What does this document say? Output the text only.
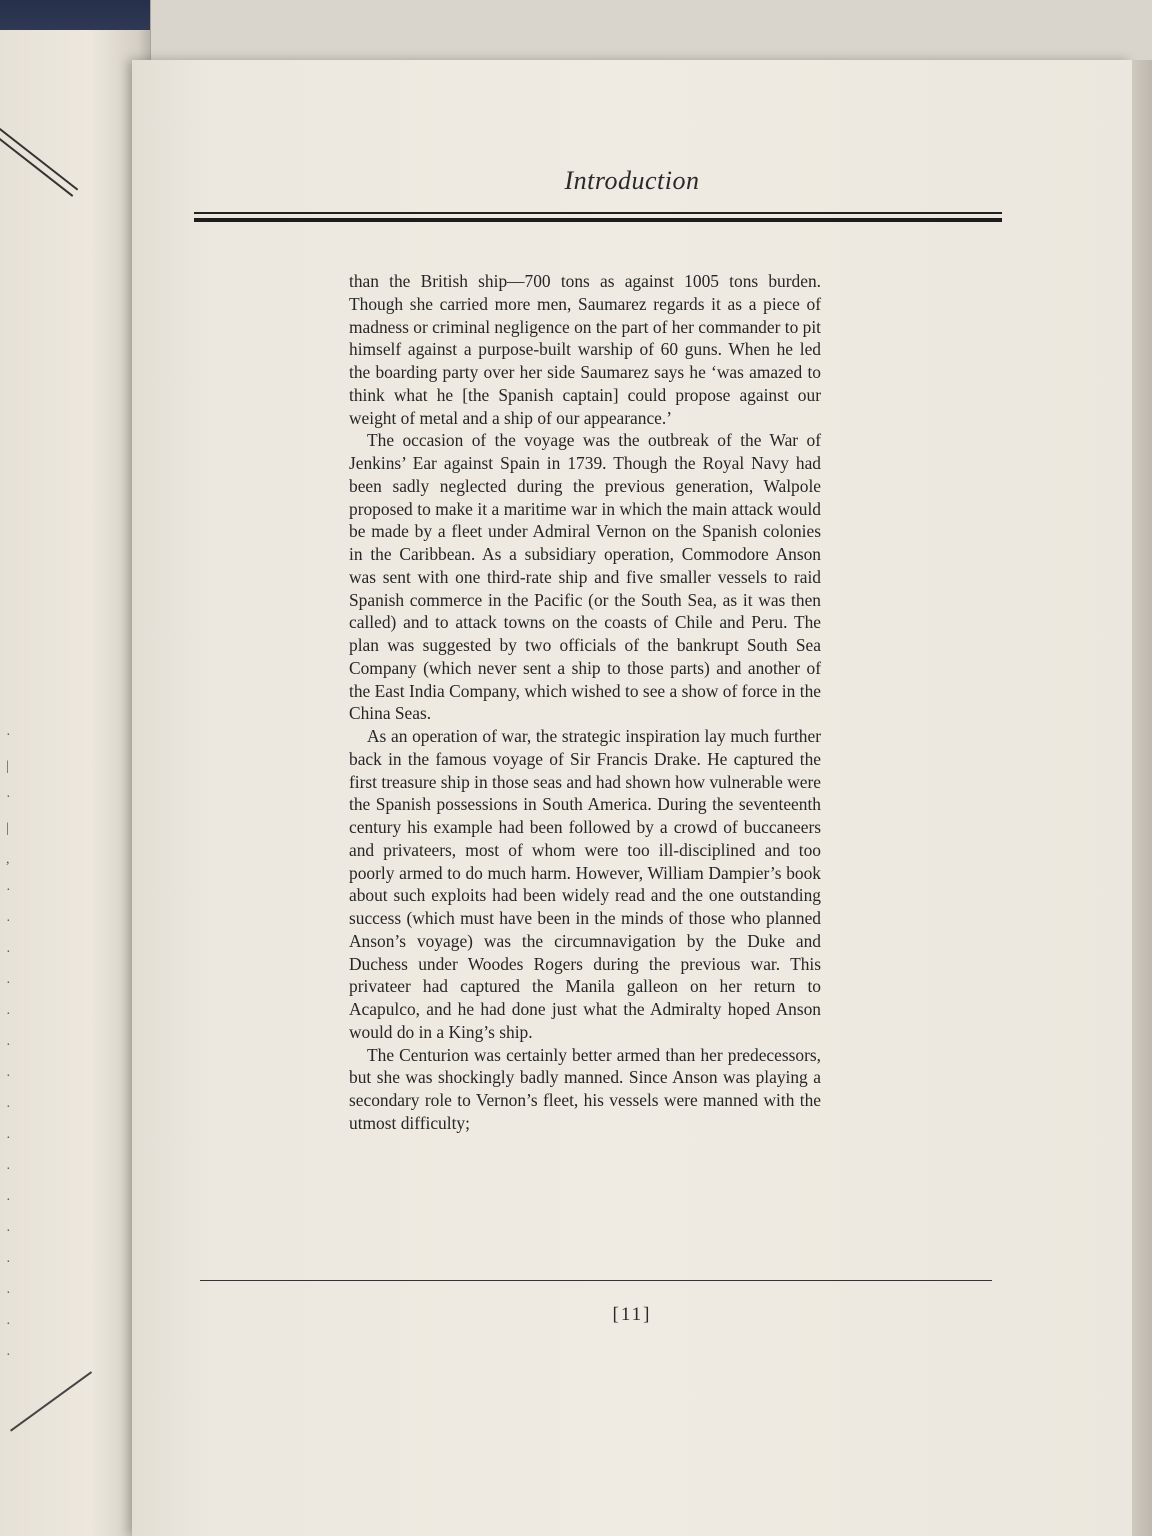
·
|
·
|
,
·
·
·
·
·
·
·
·
·
·
·
·
·
·
·
·
Introduction

than the British ship—700 tons as against 1005 tons burden. Though she carried more men, Saumarez regards it as a piece of madness or criminal negligence on the part of her commander to pit himself against a purpose-built warship of 60 guns. When he led the boarding party over her side Saumarez says he ‘was amazed to think what he [the Spanish captain] could propose against our weight of metal and a ship of our appearance.’

The occasion of the voyage was the outbreak of the War of Jenkins’ Ear against Spain in 1739. Though the Royal Navy had been sadly neglected during the previous generation, Walpole proposed to make it a maritime war in which the main attack would be made by a fleet under Admiral Vernon on the Spanish colonies in the Caribbean. As a subsidiary operation, Commodore Anson was sent with one third-rate ship and five smaller vessels to raid Spanish commerce in the Pacific (or the South Sea, as it was then called) and to attack towns on the coasts of Chile and Peru. The plan was suggested by two officials of the bankrupt South Sea Company (which never sent a ship to those parts) and another of the East India Company, which wished to see a show of force in the China Seas.

As an operation of war, the strategic inspiration lay much further back in the famous voyage of Sir Francis Drake. He captured the first treasure ship in those seas and had shown how vulnerable were the Spanish possessions in South America. During the seventeenth century his example had been followed by a crowd of buccaneers and privateers, most of whom were too ill-disciplined and too poorly armed to do much harm. However, William Dampier’s book about such exploits had been widely read and the one outstanding success (which must have been in the minds of those who planned Anson’s voyage) was the circumnavigation by the Duke and Duchess under Woodes Rogers during the previous war. This privateer had captured the Manila galleon on her return to Acapulco, and he had done just what the Admiralty hoped Anson would do in a King’s ship.

The Centurion was certainly better armed than her predecessors, but she was shockingly badly manned. Since Anson was playing a secondary role to Vernon’s fleet, his vessels were manned with the utmost difficulty;

[11]
